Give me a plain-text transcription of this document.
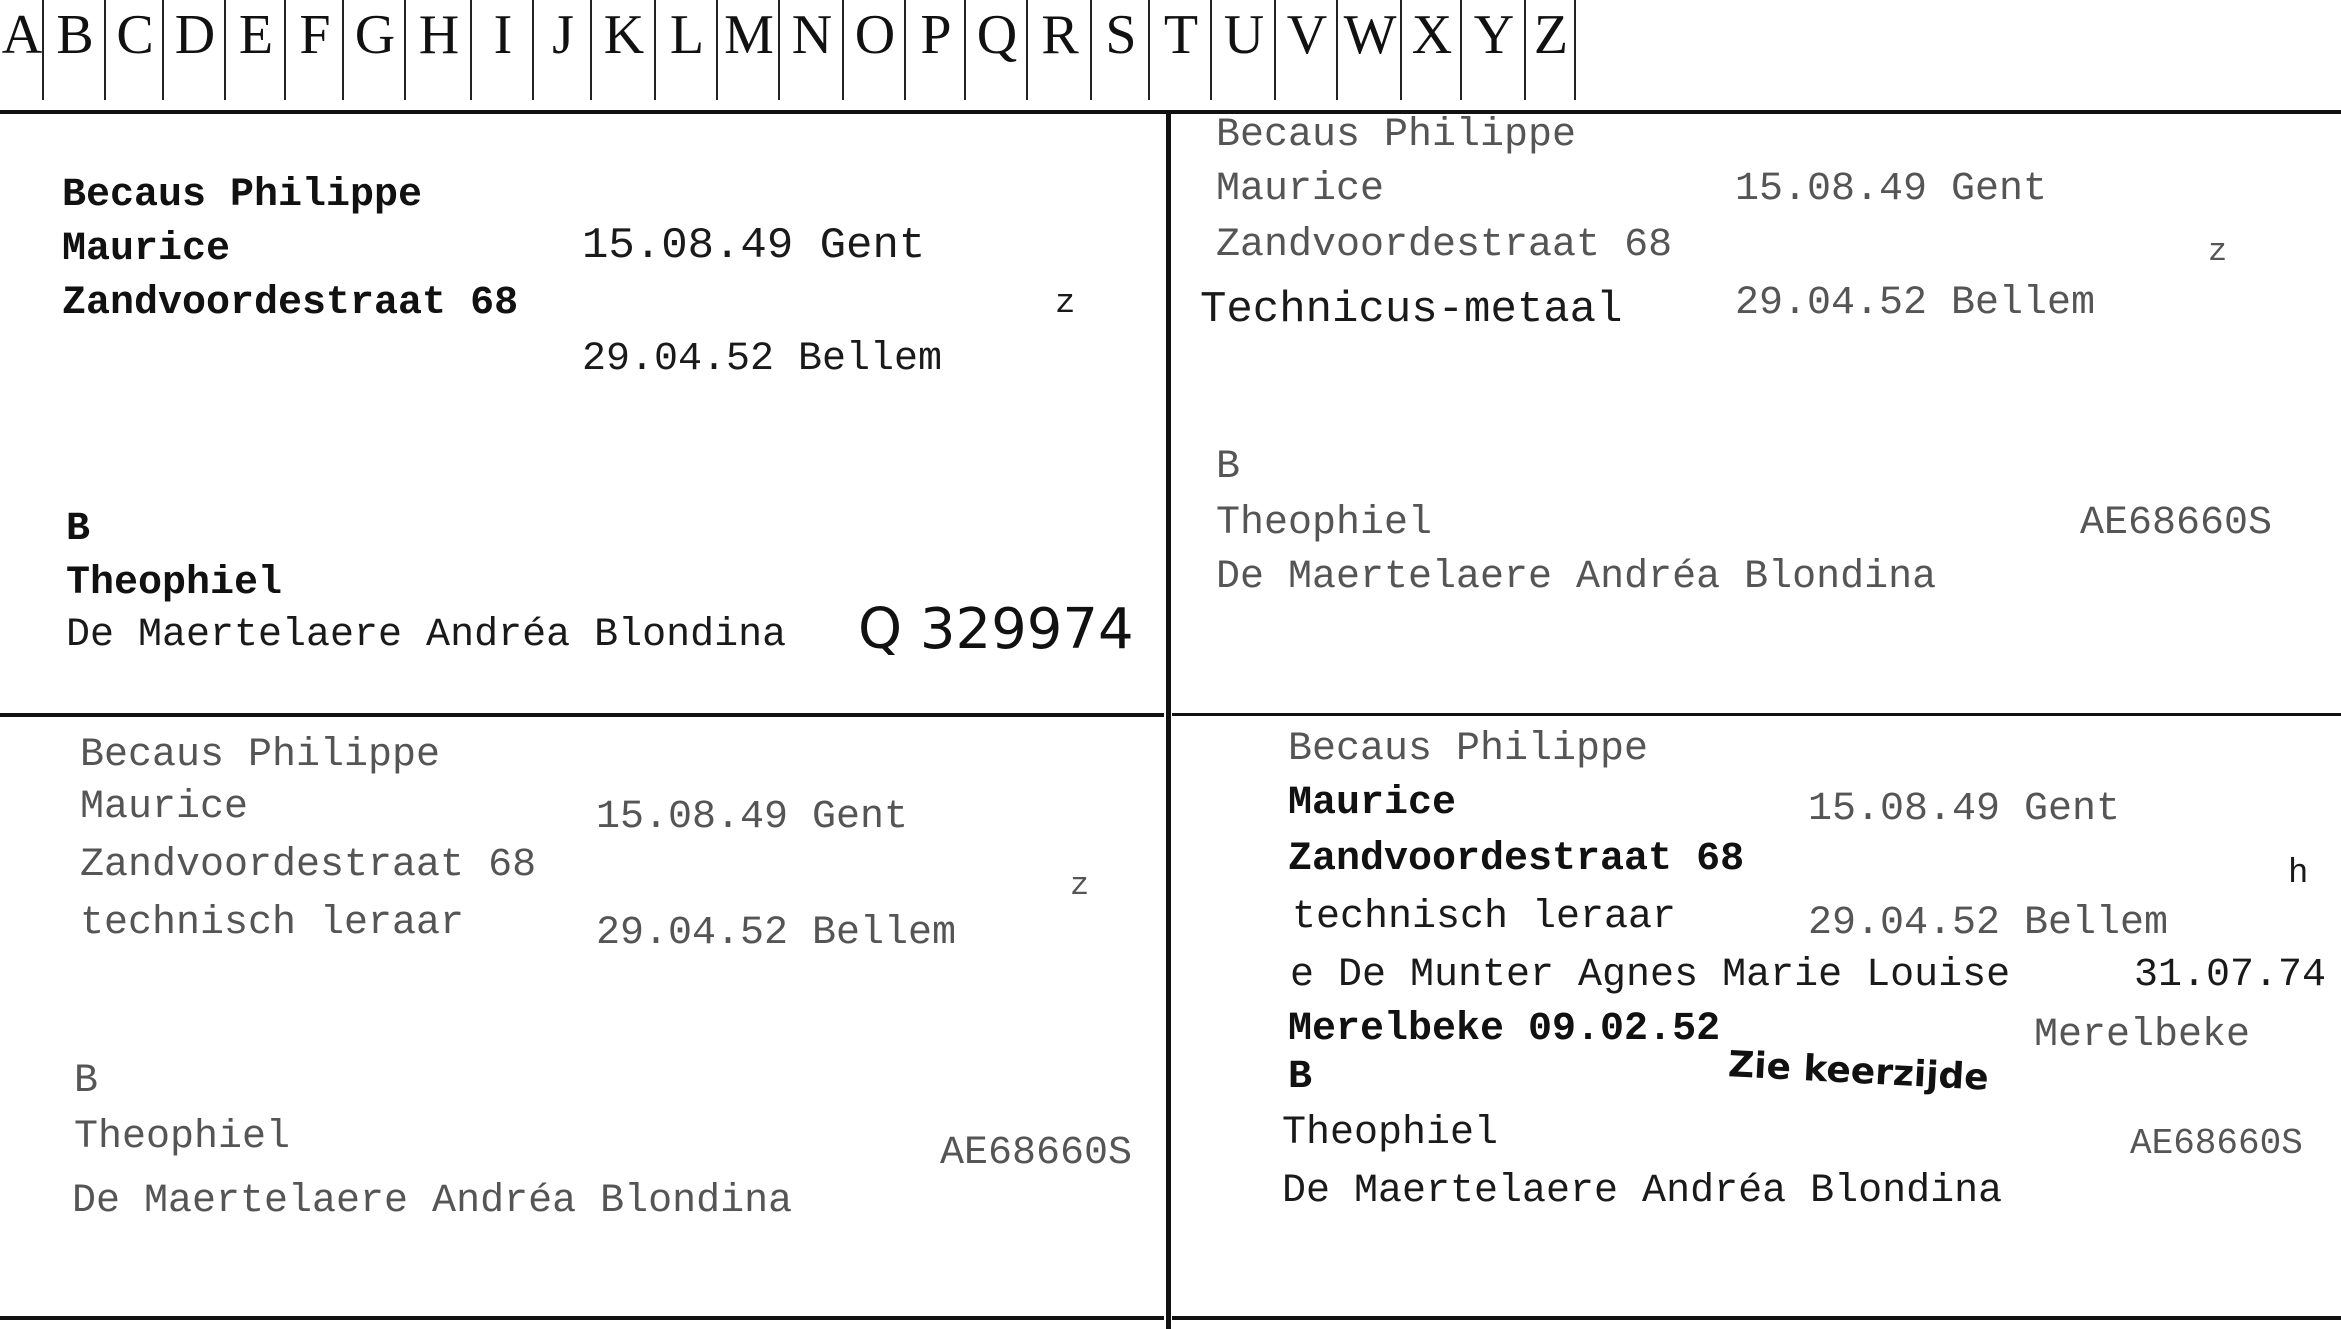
A B C D E F G H I J K L M N O P Q R S T U V W X Y Z
Becaus Philippe
Maurice	15.08.49 Gent
Zandvoordestraat 68	z
29.04.52 Bellem
B
Theophiel
De Maertelaere Andréa Blondina Q 329974
Becaus Philippe
Maurice	15.08.49 Gent
Zandvoordestraat 68	z
Technicus-metaal	29.04.52 Bellem
B
Theophiel	AE68660S
De Maertelaere Andréa Blondina
Becaus Philippe
Maurice	15.08.49 Gent
Zandvoordestraat 68	z
technisch leraar	29.04.52 Bellem
B
Theophiel	AE68660S
De Maertelaere Andréa Blondina
Becaus Philippe
Maurice	15.08.49 Gent
Zandvoordestraat 68	h
technisch leraar	29.04.52 Bellem
e De Munter Agnes Marie Louise	31.07.74
Merelbeke 09.02.52	Merelbeke
Zie keerzijde
B
Theophiel	AE68660S
De Maertelaere Andréa Blondina
